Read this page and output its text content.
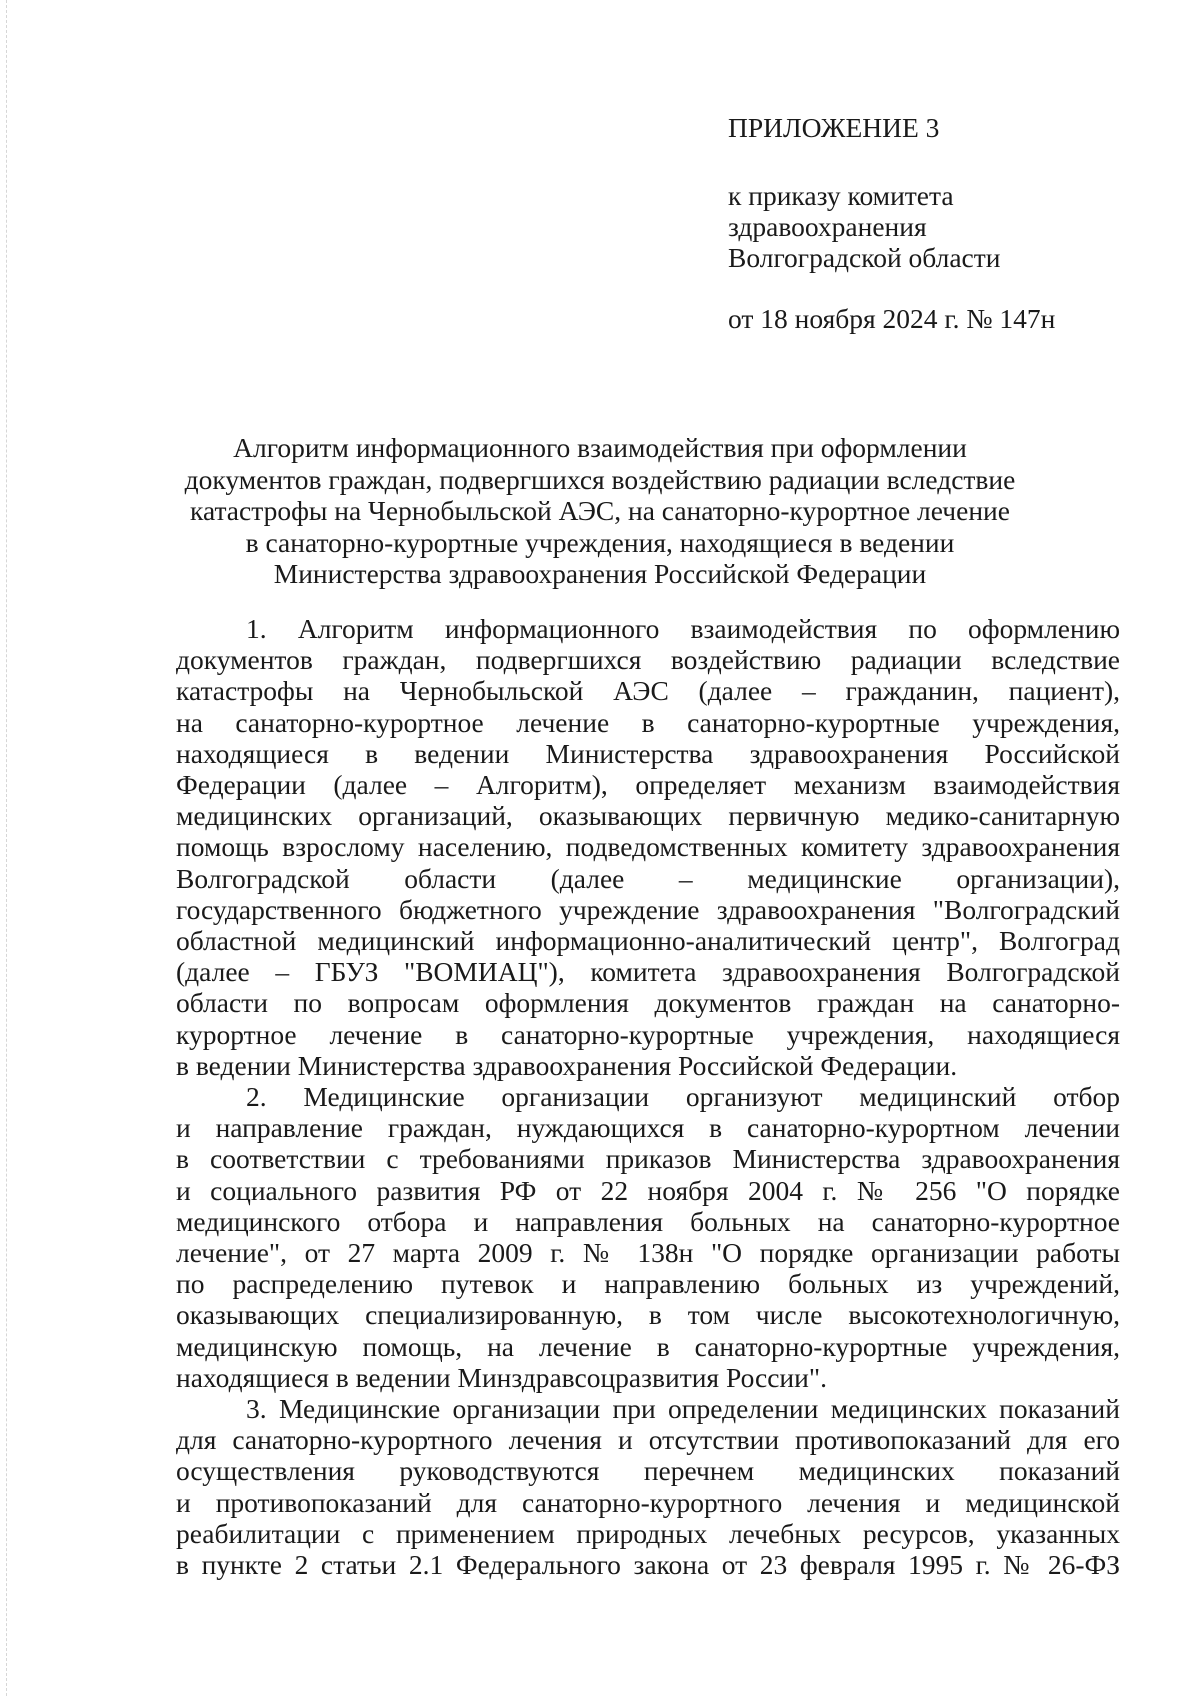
ПРИЛОЖЕНИЕ 3
к приказу комитета
здравоохранения
Волгоградской области
от 18 ноября 2024 г. № 147н
Алгоритм информационного взаимодействия при оформлении
документов граждан, подвергшихся воздействию радиации вследствие
катастрофы на Чернобыльской АЭС, на санаторно-курортное лечение
в санаторно-курортные учреждения, находящиеся в ведении
Министерства здравоохранения Российской Федерации
1. Алгоритм информационного взаимодействия по оформлению
документов граждан, подвергшихся воздействию радиации вследствие
катастрофы на Чернобыльской АЭС (далее – гражданин, пациент),
на санаторно-курортное лечение в санаторно-курортные учреждения,
находящиеся в ведении Министерства здравоохранения Российской
Федерации (далее – Алгоритм), определяет механизм взаимодействия
медицинских организаций, оказывающих первичную медико-санитарную
помощь взрослому населению, подведомственных комитету здравоохранения
Волгоградской области (далее – медицинские организации),
государственного бюджетного учреждение здравоохранения "Волгоградский
областной медицинский информационно-аналитический центр", Волгоград
(далее – ГБУЗ "ВОМИАЦ"), комитета здравоохранения Волгоградской
области по вопросам оформления документов граждан на санаторно-
курортное лечение в санаторно-курортные учреждения, находящиеся
в ведении Министерства здравоохранения Российской Федерации.
2. Медицинские организации организуют медицинский отбор
и направление граждан, нуждающихся в санаторно-курортном лечении
в соответствии с требованиями приказов Министерства здравоохранения
и социального развития РФ от 22 ноября 2004 г. № 256 "О порядке
медицинского отбора и направления больных на санаторно-курортное
лечение", от 27 марта 2009 г. № 138н "О порядке организации работы
по распределению путевок и направлению больных из учреждений,
оказывающих специализированную, в том числе высокотехнологичную,
медицинскую помощь, на лечение в санаторно-курортные учреждения,
находящиеся в ведении Минздравсоцразвития России".
3. Медицинские организации при определении медицинских показаний
для санаторно-курортного лечения и отсутствии противопоказаний для его
осуществления руководствуются перечнем медицинских показаний
и противопоказаний для санаторно-курортного лечения и медицинской
реабилитации с применением природных лечебных ресурсов, указанных
в пункте 2 статьи 2.1 Федерального закона от 23 февраля 1995 г. № 26-ФЗ
